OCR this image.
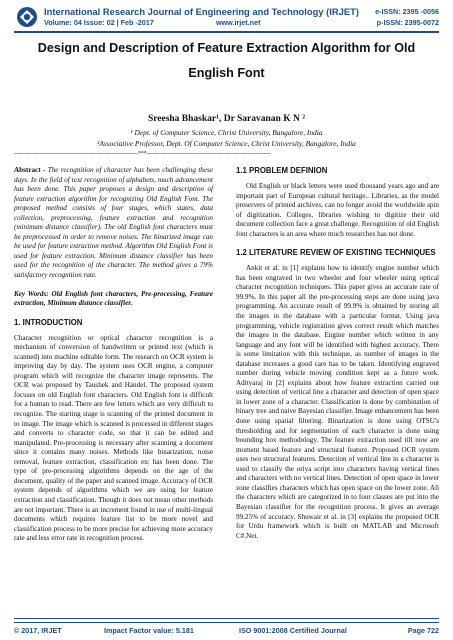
International Research Journal of Engineering and Technology (IRJET)
Volume: 04 Issue: 02 | Feb -2017	www.irjet.net
e-ISSN: 2395 -0056
p-ISSN: 2395-0072
Design and Description of Feature Extraction Algorithm for Old English Font
Sreesha Bhaskar¹, Dr Saravanan K N ²
¹ Dept. of Computer Science, Christ University, Bangalore, India
²Associative Professor, Dept. Of Computer Science, Christ University, Bangalore, India
---------------------------------------------------------------------***---------------------------------------------------------------------

Abstract - The recognition of character has been challenging these days. In the field of text recognition of alphabets, much advancement has been done. This paper proposes a design and description of feature extraction algorithm for recognizing Old English Font. The proposed method consists of four stages, which states, data collection, preprocessing, feature extraction and recognition (minimum distance classifier). The old English font characters must be preprocessed in order to remove noises. The binarized image can be used for feature extraction method. Algorithm Old English Font is used for feature extraction. Minimum distance classifier has been used for the recognition of the character. The method gives a 79% satisfactory recognition rate.

Key Words: Old English font characters, Pre-processing, Feature extraction, Minimum distance classifier.

1. INTRODUCTION

Character recognition or optical character recognition is a mechanism of conversion of handwritten or printed text (which is scanned) into machine editable form. The research on OCR system is improving day by day. The system uses OCR engine, a computer program which will recognize the character image represents. The OCR was proposed by Taushek and Handel. The proposed system focuses on old English font characters. Old English font is difficult for a human to read. There are few letters which are very difficult to recognize. The starting stage is scanning of the printed document in to image. The image which is scanned is processed in different stages and converts to character code, so that it can be edited and manipulated. Pre-processing is necessary after scanning a document since it contains many noises. Methods like binarization, noise removal, feature extraction, classification etc has been done. The type of pre-processing algorithms depends on the age of the document, quality of the paper and scanned image. Accuracy of OCR system depends of algorithms which we are using for feature extraction and classification. Though it does not mean other methods are not important. There is an increment found in use of multi-lingual documents which requires feature list to be more novel and classification process to be more precise for achieving more accuracy rate and less error rate in recognition process.

1.1 PROBLEM DEFINION

Old English or black letters were used thousand years ago and are important part of European cultural heritage.. Libraries, as the model preservers of printed archives, can no longer avoid the worldwide spin of digitization. Colleges, libraries wishing to digitize their old document collection face a great challenge. Recognition of old English font characters is an area where much researches has not done.

1.2 LITERATURE REVIEW OF EXISTING TECHNIQUES

Ankit et al. in [1] explains how to identify engine number which has been engraved in two wheeler and four wheeler using optical character recognition techniques. This paper gives an accurate rate of 99.9%. In this paper all the pre-processing steps are done using java programming. An accurate result of 99.9% is obtained by storing all the images in the database with a particular format. Using java programming, vehicle registration gives correct result which matches the images in the database. Engine number which written in any language and any font will be identified with highest accuracy. There is some limitation with this technique, as number of images in the database increases a good care has to be taken. Identifying engraved number during vehicle moving condition kept as a future work. Adityaraj in [2] explains about how feature extraction carried out using detection of vertical line a character and detection of open space in lower zone of a character. Classification is done by combination of binary tree and naive Bayesian classifier. Image enhancement has been done using spatial filtering. Binarization is done using OTSU's thresholding and for segmentation of each character is done using bounding box methodology. The feature extraction used till now are moment based feature and structural feature. Proposed OCR system uses two structural features. Detection of vertical line in a character is used to classify the oriya script into characters having vertical lines and characters with no vertical lines. Detection of open space in lower zone classifies characters which has open space on the lower zone. All the characters which are categorized in to four classes are put into the Bayesian classifier for the recognition process. It gives an average 99.25% of accuracy. Shuwair et al. in [3] explains the proposed OCR for Urdu framework which is built on MATLAB and Microsoft C#.Net.

© 2017, IRJET	Impact Factor value: 5.181	ISO 9001:2008 Certified Journal	Page 722
